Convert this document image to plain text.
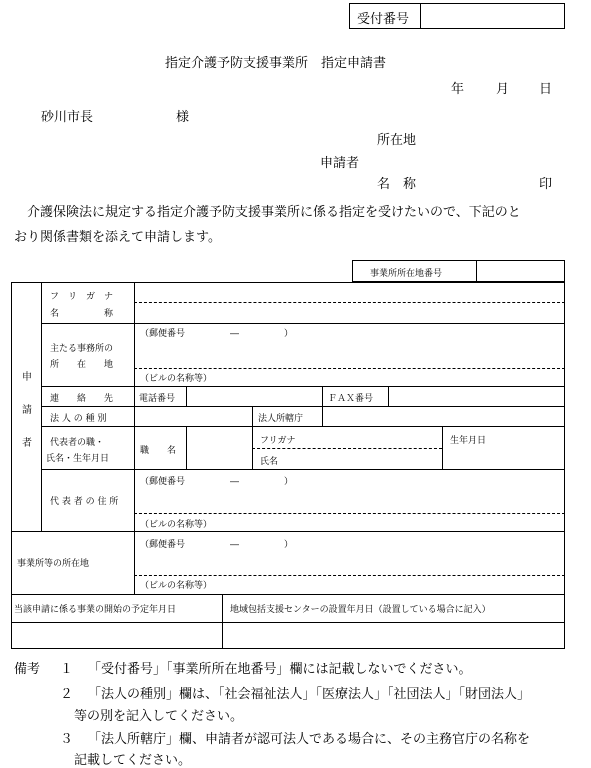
受付番号
指定介護予防支援事業所　指定申請書
年 月 日
砂川市長	様
所在地
申請者
名　称	印
介護保険法に規定する指定介護予防支援事業所に係る指定を受けたいので、下記のと
おり関係書類を添えて申請します。
事業所所在地番号
申
請
者
フ　リ　ガ　ナ
名　　　　　称
主たる事務所の
所　　在　　地
（郵便番号　　　　　―　　　　　）
（ビルの名称等）
連　　絡　　先	電話番号	ＦＡＸ番号
法 人 の 種 別	法人所轄庁
代表者の職・
氏名・生年月日
職　　名
フリガナ
氏名
生年月日
代 表 者 の 住 所
（郵便番号　　　　　―　　　　　）
（ビルの名称等）
事業所等の所在地
（郵便番号　　　　　―　　　　　）
（ビルの名称等）
当該申請に係る事業の開始の予定年月日	地域包括支援センターの設置年月日（設置している場合に記入）
備考 １ 「受付番号」「事業所所在地番号」欄には記載しないでください。
２ 「法人の種別」欄は、「社会福祉法人」「医療法人」「社団法人」「財団法人」
等の別を記入してください。
３ 「法人所轄庁」欄、申請者が認可法人である場合に、その主務官庁の名称を
記載してください。
